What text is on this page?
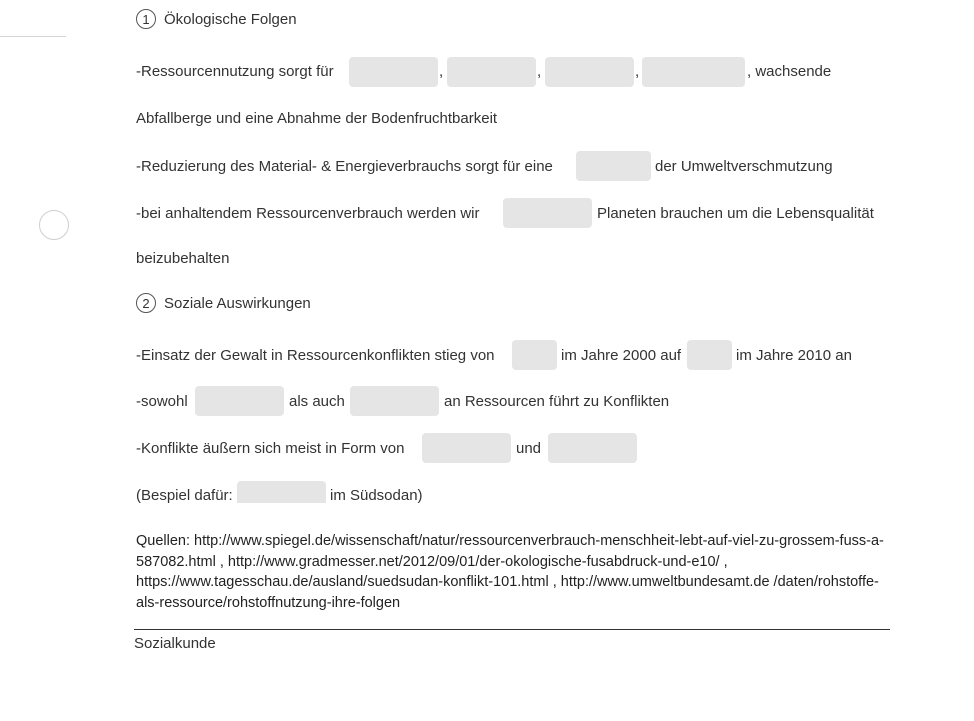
1 Ökologische Folgen
-Ressourcennutzung sorgt für	,	,	,	, wachsende
Abfallberge und eine Abnahme der Bodenfruchtbarkeit
-Reduzierung des Material- & Energieverbrauchs sorgt für eine	der Umweltverschmutzung
-bei anhaltendem Ressourcenverbrauch werden wir	Planeten brauchen um die Lebensqualität
beizubehalten
2 Soziale Auswirkungen
-Einsatz der Gewalt in Ressourcenkonflikten stieg von	im Jahre 2000 auf	im Jahre 2010 an
-sowohl	als auch	an Ressourcen führt zu Konflikten
-Konflikte äußern sich meist in Form von	und
(Bespiel dafür:	im Südsodan)
Quellen: http://www.spiegel.de/wissenschaft/natur/ressourcenverbrauch-menschheit-lebt-auf-viel-zu-grossem-fuss-a-587082.html , http://www.gradmesser.net/2012/09/01/der-okologische-fusabdruck-und-e10/ , https://www.tagesschau.de/ausland/suedsudan-konflikt-101.html , http://www.umweltbundesamt.de /daten/rohstoffe-als-ressource/rohstoffnutzung-ihre-folgen
Sozialkunde
